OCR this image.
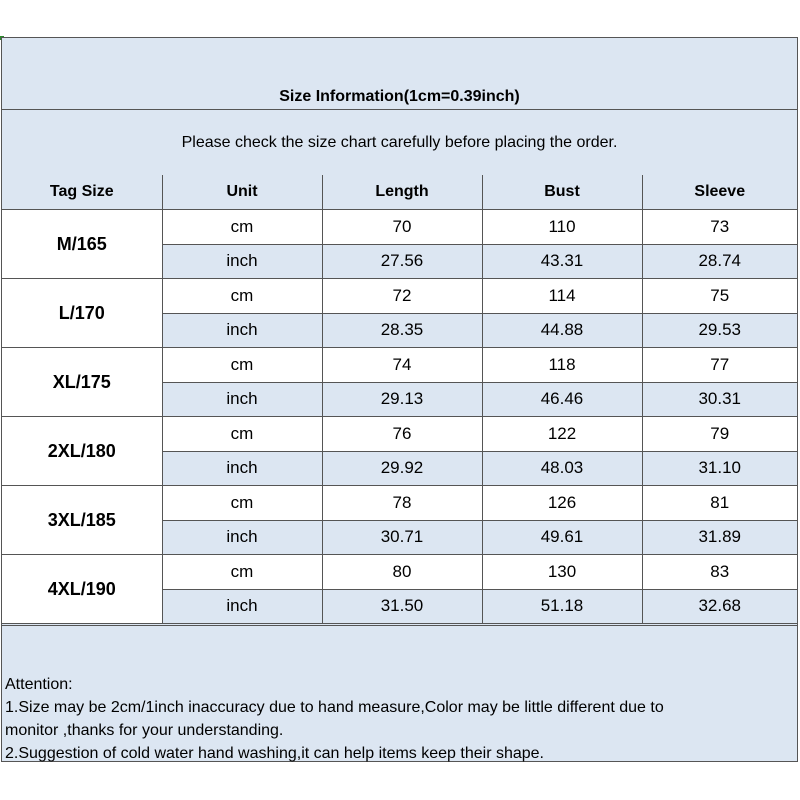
Size Information(1cm=0.39inch)
Please check the size chart carefully before placing the order.
Tag Size	Unit	Length	Bust	Sleeve
M/165	cm	70	110	73
	inch	27.56	43.31	28.74
L/170	cm	72	114	75
	inch	28.35	44.88	29.53
XL/175	cm	74	118	77
	inch	29.13	46.46	30.31
2XL/180	cm	76	122	79
	inch	29.92	48.03	31.10
3XL/185	cm	78	126	81
	inch	30.71	49.61	31.89
4XL/190	cm	80	130	83
	inch	31.50	51.18	32.68
Attention:
1.Size may be 2cm/1inch inaccuracy due to hand measure,Color may be little different due to
monitor ,thanks for your understanding.
2.Suggestion of cold water hand washing,it can help items keep their shape.
